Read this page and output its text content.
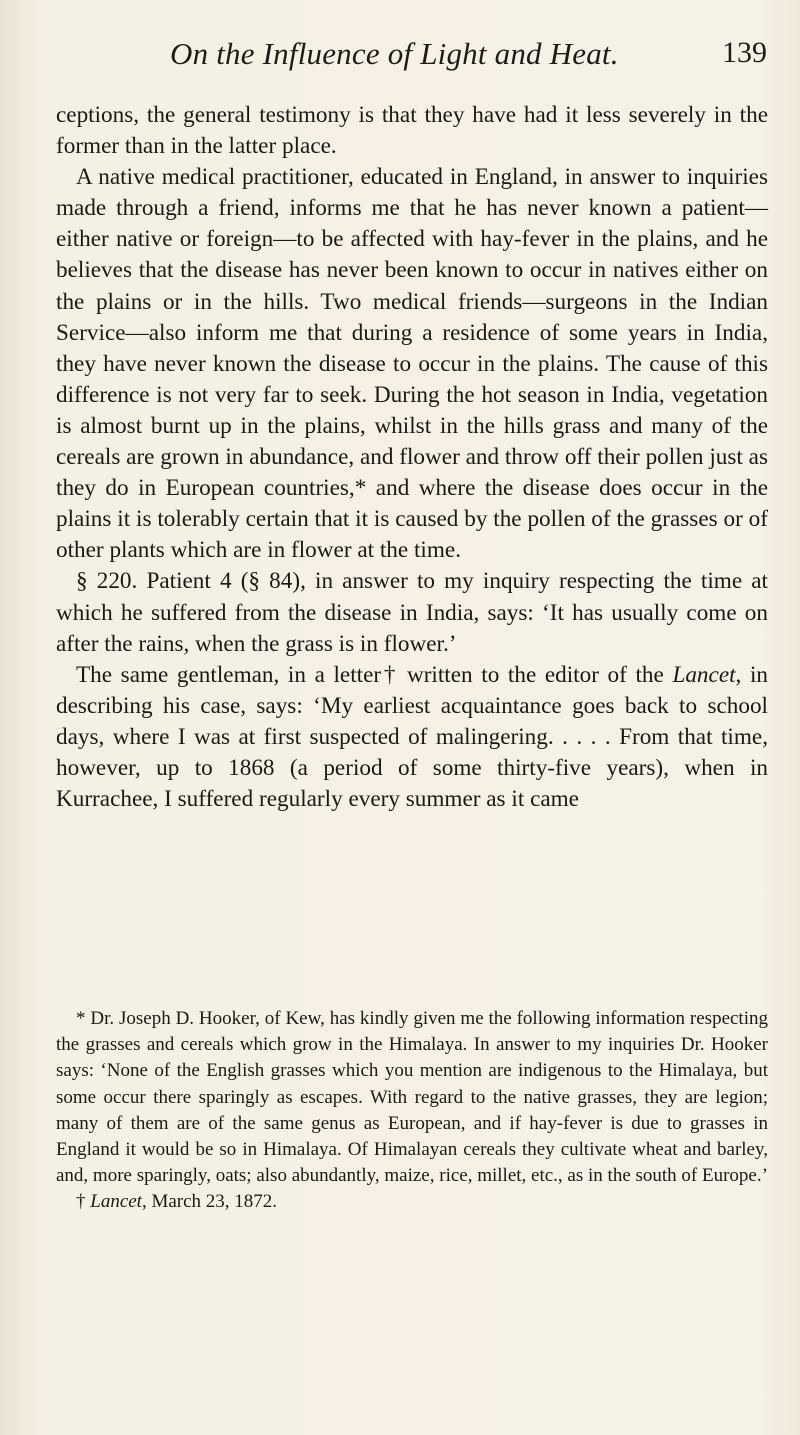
On the Influence of Light and Heat.	139

ceptions, the general testimony is that they have had it less severely in the former than in the latter place.

A native medical practitioner, educated in England, in answer to inquiries made through a friend, informs me that he has never known a patient—either native or foreign—to be affected with hay-fever in the plains, and he believes that the disease has never been known to occur in natives either on the plains or in the hills. Two medical friends—surgeons in the Indian Service—also inform me that during a residence of some years in India, they have never known the disease to occur in the plains. The cause of this difference is not very far to seek. During the hot season in India, vegetation is almost burnt up in the plains, whilst in the hills grass and many of the cereals are grown in abundance, and flower and throw off their pollen just as they do in European countries,* and where the disease does occur in the plains it is tolerably certain that it is caused by the pollen of the grasses or of other plants which are in flower at the time.

§ 220. Patient 4 (§ 84), in answer to my inquiry respecting the time at which he suffered from the disease in India, says: ‘It has usually come on after the rains, when the grass is in flower.’

The same gentleman, in a letter† written to the editor of the Lancet, in describing his case, says: ‘My earliest acquaintance goes back to school days, where I was at first suspected of malingering. . . . . From that time, however, up to 1868 (a period of some thirty-five years), when in Kurrachee, I suffered regularly every summer as it came

* Dr. Joseph D. Hooker, of Kew, has kindly given me the following information respecting the grasses and cereals which grow in the Himalaya. In answer to my inquiries Dr. Hooker says: ‘None of the English grasses which you mention are indigenous to the Himalaya, but some occur there sparingly as escapes. With regard to the native grasses, they are legion; many of them are of the same genus as European, and if hay-fever is due to grasses in England it would be so in Himalaya. Of Himalayan cereals they cultivate wheat and barley, and, more sparingly, oats; also abundantly, maize, rice, millet, etc., as in the south of Europe.’

† Lancet, March 23, 1872.
